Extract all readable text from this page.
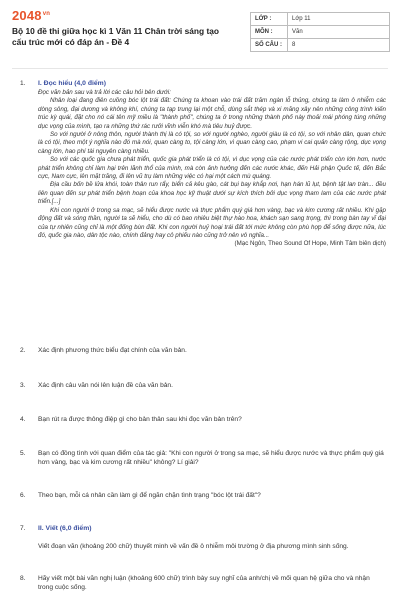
$2048^{vn}$
Bộ 10 đề thi giữa học kì 1 Văn 11 Chân trời sáng tạo cấu trúc mới có đáp án - Đề 4
LỚP :	Lớp 11
MÔN :	Văn
SỐ CÂU :	8
1. I. Đọc hiểu (4,0 điểm)

Đọc văn bản sau và trả lời các câu hỏi bên dưới:

Nhân loại đang điên cuồng bóc lột trái đất: Chúng ta khoan vào trái đất trăm ngàn lỗ thủng, chúng ta làm ô nhiễm các dòng sông, đại dương và không khí, chúng ta tạp trung lại một chỗ, dùng sắt thép và xi măng xây nên những công trình kiến trúc kỳ quái, đặt cho nó cái tên mỹ miều là "thành phố", chúng ta ở trong những thành phố này thoải mái phóng túng những dục vọng của mình, tạo ra những thứ rác rưởi vĩnh viễn khó mà tiêu huỷ được.

So với người ở nông thôn, người thành thị là có tội, so với người nghèo, người giàu là có tội, so với nhân dân, quan chức là có tội, theo một ý nghĩa nào đó mà nói, quan càng to, tội càng lớn, vì quan càng cao, phạm vi cai quản càng rộng, dục vọng càng lớn, hao phí tài nguyên càng nhiều.

So với các quốc gia chưa phát triển, quốc gia phát triển là có tội, vì dục vọng của các nước phát triển còn lớn hơn, nước phát triển không chỉ làm hại trên lãnh thổ của mình, mà còn ảnh hưởng đến các nước khác, đến Hải phận Quốc tế, đến Bắc cực, Nam cực, lên mặt trăng, đi lên vũ trụ làm những việc có hại một cách mù quáng.

Địa cầu bốn bề lửa khói, toàn thân run rẩy, biển cả kêu gào, cát bụi bay khắp nơi, hạn hán lũ lụt, bệnh tật lan tràn... đều liên quan đến sự phát triển bệnh hoạn của khoa học kỹ thuật dưới sự kích thích bởi dục vọng tham lam của các nước phát triển.[...]

Khi con người ở trong sa mạc, sẽ hiểu được nước và thực phẩm quý giá hơn vàng, bạc và kim cương rất nhiều. Khi gặp động đất và sóng thần, người ta sẽ hiểu, cho dù có bao nhiêu biệt thự hào hoa, khách sạn sang trọng, thì trong bàn tay vĩ đại của tự nhiên cũng chỉ là một đống bùn đất. Khi con người huỷ hoại trái đất tới mức không còn phù hợp để sống được nữa, lúc đó, quốc gia nào, dân tộc nào, chính đảng hay cô phiếu nào cũng trở nên vô nghĩa...

(Mạc Ngôn, Theo Sound Of Hope, Minh Tâm biên dịch)

2. Xác định phương thức biểu đạt chính của văn bản.
3. Xác định câu văn nói lên luận đề của văn bản.
4. Bạn rút ra được thông điệp gì cho bản thân sau khi đọc văn bản trên?
5. Bạn có đồng tình với quan điểm của tác giả: "Khi con người ở trong sa mạc, sẽ hiểu được nước và thực phẩm quý giá hơn vàng, bạc và kim cương rất nhiều" không? Lí giải?
6. Theo bạn, mỗi cá nhân cần làm gì để ngăn chặn tình trạng "bóc lột trái đất"?
7. II. Viết (6,0 điểm)
Viết đoạn văn (khoảng 200 chữ) thuyết minh về vấn đề ô nhiễm môi trường ở địa phương mình sinh sống.
8. Hãy viết một bài văn nghị luận (khoảng 600 chữ) trình bày suy nghĩ của anh/chị về mối quan hệ giữa cho và nhận trong cuộc sống.
